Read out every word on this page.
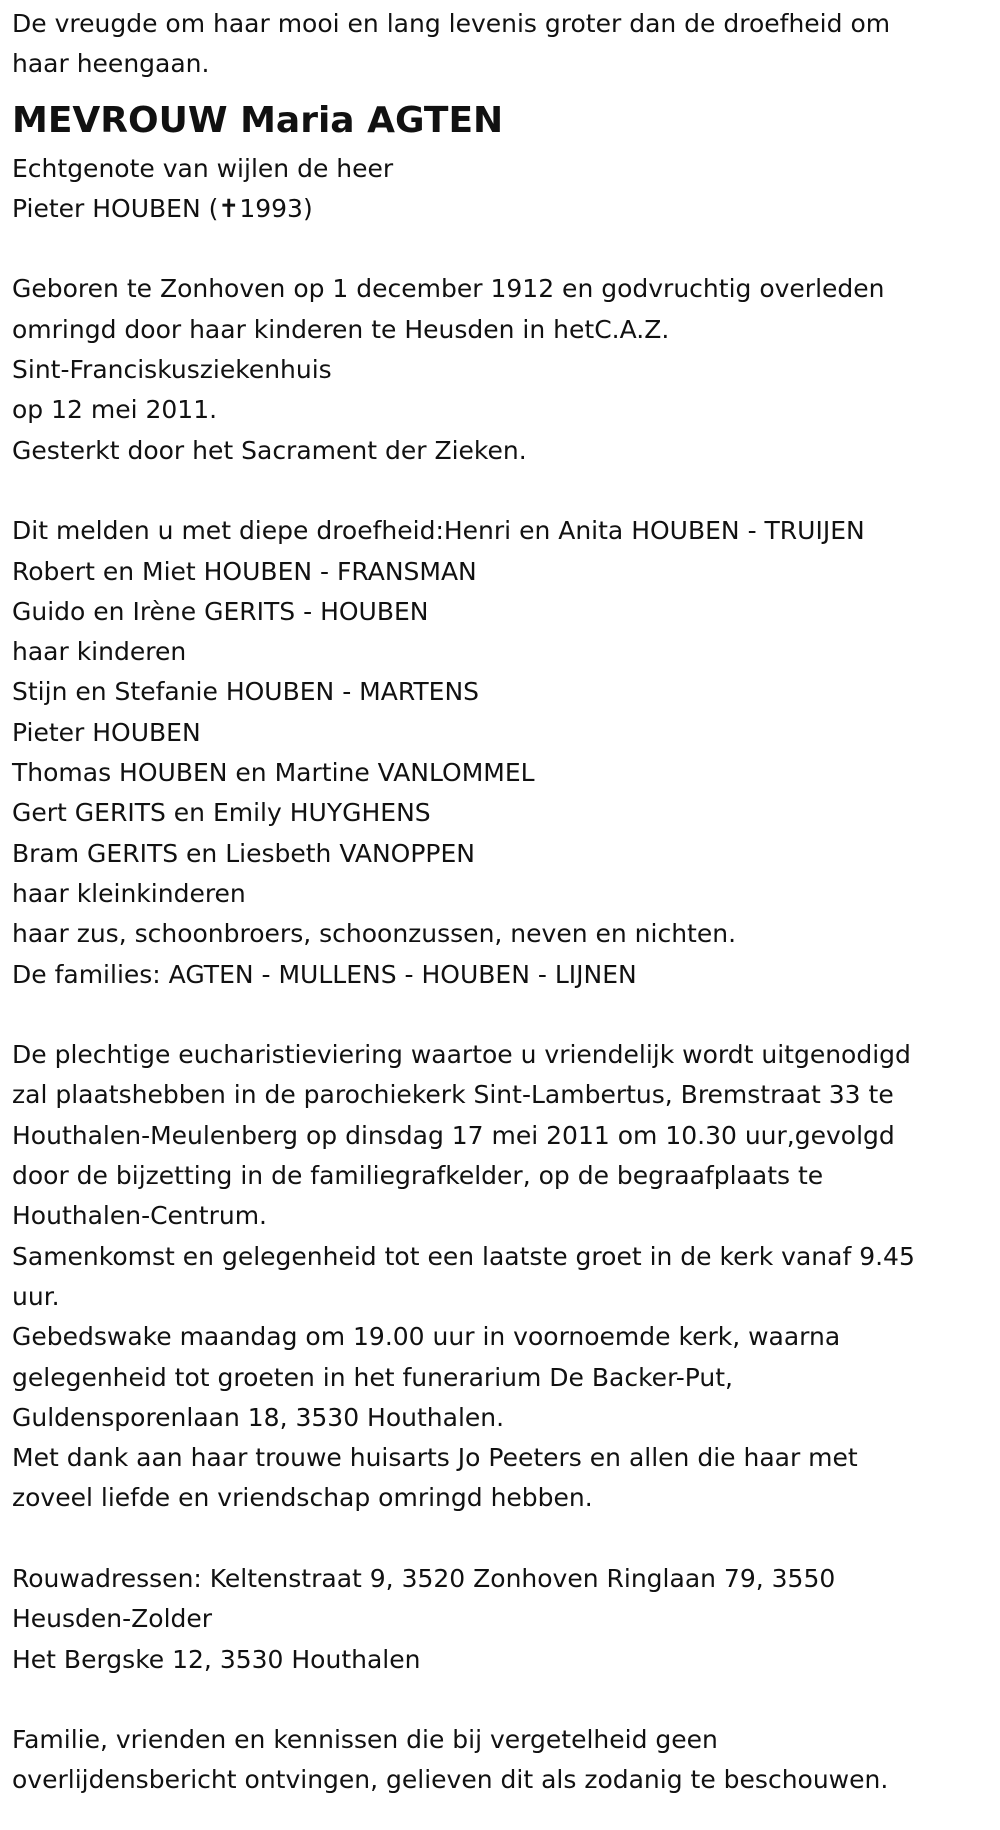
De vreugde om haar mooi en lang levenis groter dan de droefheid om

haar heengaan.

MEVROUW Maria AGTEN

Echtgenote van wijlen de heer

Pieter HOUBEN (✝1993)

Geboren te Zonhoven op 1 december 1912 en godvruchtig overleden

omringd door haar kinderen te Heusden in hetC.A.Z.

Sint-Franciskusziekenhuis

op 12 mei 2011.

Gesterkt door het Sacrament der Zieken.

Dit melden u met diepe droefheid:Henri en Anita HOUBEN - TRUIJEN

Robert en Miet HOUBEN - FRANSMAN

Guido en Irène GERITS - HOUBEN

haar kinderen

Stijn en Stefanie HOUBEN - MARTENS

Pieter HOUBEN

Thomas HOUBEN en Martine VANLOMMEL

Gert GERITS en Emily HUYGHENS

Bram GERITS en Liesbeth VANOPPEN

haar kleinkinderen

haar zus, schoonbroers, schoonzussen, neven en nichten.

De families: AGTEN - MULLENS - HOUBEN - LIJNEN

De plechtige eucharistieviering waartoe u vriendelijk wordt uitgenodigd

zal plaatshebben in de parochiekerk Sint-Lambertus, Bremstraat 33 te

Houthalen-Meulenberg op dinsdag 17 mei 2011 om 10.30 uur,gevolgd

door de bijzetting in de familiegrafkelder, op de begraafplaats te

Houthalen-Centrum.

Samenkomst en gelegenheid tot een laatste groet in de kerk vanaf 9.45

uur.

Gebedswake maandag om 19.00 uur in voornoemde kerk, waarna

gelegenheid tot groeten in het funerarium De Backer-Put,

Guldensporenlaan 18, 3530 Houthalen.

Met dank aan haar trouwe huisarts Jo Peeters en allen die haar met

zoveel liefde en vriendschap omringd hebben.

Rouwadressen: Keltenstraat 9, 3520 Zonhoven Ringlaan 79, 3550

Heusden-Zolder

Het Bergske 12, 3530 Houthalen

Familie, vrienden en kennissen die bij vergetelheid geen

overlijdensbericht ontvingen, gelieven dit als zodanig te beschouwen.
